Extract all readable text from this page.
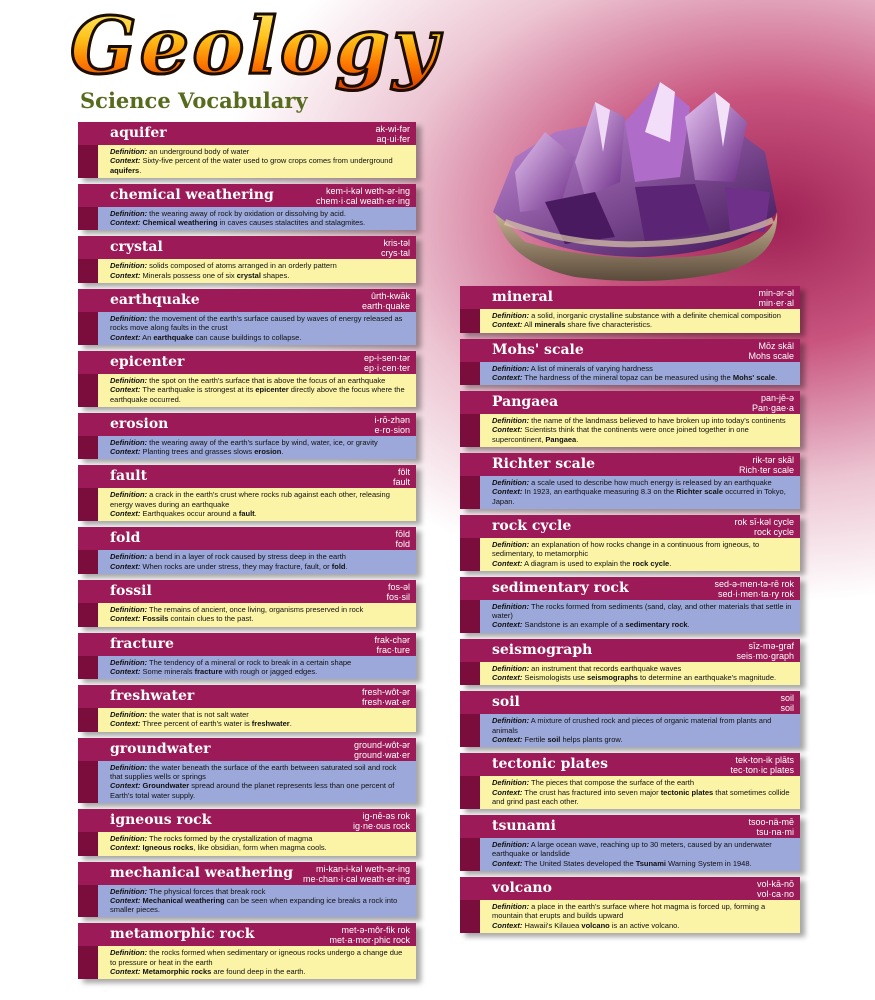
Geology
Science Vocabulary
aquifer	ak-wi-fər
aq·ui·fer
Definition: an underground body of water
Context: Sixty-five percent of the water used to grow crops comes from underground aquifers.
chemical weathering	kem-i-kəl weth-ər-ing
chem·i·cal weath·er·ing
Definition: the wearing away of rock by oxidation or dissolving by acid.
Context: Chemical weathering in caves causes stalactites and stalagmites.
crystal	kris-təl
crys·tal
Definition: solids composed of atoms arranged in an orderly pattern
Context: Minerals possess one of six crystal shapes.
earthquake	ûrth-kwāk
earth·quake
Definition: the movement of the earth's surface caused by waves of energy released as rocks move along faults in the crust
Context: An earthquake can cause buildings to collapse.
epicenter	ep-i-sen-tər
ep·i·cen·ter
Definition: the spot on the earth's surface that is above the focus of an earthquake
Context: The earthquake is strongest at its epicenter directly above the focus where the earthquake occurred.
erosion	i-rō-zhən
e·ro·sion
Definition: the wearing away of the earth's surface by wind, water, ice, or gravity
Context: Planting trees and grasses slows erosion.
fault	fôlt
fault
Definition: a crack in the earth's crust where rocks rub against each other, releasing energy waves during an earthquake
Context: Earthquakes occur around a fault.
fold	fōld
fold
Definition: a bend in a layer of rock caused by stress deep in the earth
Context: When rocks are under stress, they may fracture, fault, or fold.
fossil	fos-əl
fos·sil
Definition: The remains of ancient, once living, organisms preserved in rock
Context: Fossils contain clues to the past.
fracture	frak-chər
frac·ture
Definition: The tendency of a mineral or rock to break in a certain shape
Context: Some minerals fracture with rough or jagged edges.
freshwater	fresh-wôt-ər
fresh·wat·er
Definition: the water that is not salt water
Context: Three percent of earth's water is freshwater.
groundwater	ground-wôt-ər
ground·wat·er
Definition: the water beneath the surface of the earth between saturated soil and rock that supplies wells or springs
Context: Groundwater spread around the planet represents less than one percent of Earth's total water supply.
igneous rock	ig-nē-əs rok
ig·ne·ous rock
Definition: The rocks formed by the crystallization of magma
Context: Igneous rocks, like obsidian, form when magma cools.
mechanical weathering	mi-kan-i-kəl weth-ər-ing
me·chan·i·cal weath·er·ing
Definition: The physical forces that break rock
Context: Mechanical weathering can be seen when expanding ice breaks a rock into smaller pieces.
metamorphic rock	met-ə-môr-fik rok
met·a·mor·phic rock
Definition: the rocks formed when sedimentary or igneous rocks undergo a change due to pressure or heat in the earth
Context: Metamorphic rocks are found deep in the earth.
mineral	min-ər-əl
min·er·al
Definition: a solid, inorganic crystalline substance with a definite chemical composition
Context: All minerals share five characteristics.
Mohs' scale	Mōz skāl
Mohs scale
Definition: A list of minerals of varying hardness
Context: The hardness of the mineral topaz can be measured using the Mohs' scale.
Pangaea	pan-jē-ə
Pan·gae·a
Definition: the name of the landmass believed to have broken up into today's continents
Context: Scientists think that the continents were once joined together in one supercontinent, Pangaea.
Richter scale	rik-tər skāl
Rich·ter scale
Definition: a scale used to describe how much energy is released by an earthquake
Context: In 1923, an earthquake measuring 8.3 on the Richter scale occurred in Tokyo, Japan.
rock cycle	rok sī-kəl cycle
rock cycle
Definition: an explanation of how rocks change in a continuous from igneous, to sedimentary, to metamorphic
Context: A diagram is used to explain the rock cycle.
sedimentary rock	sed-ə-men-tə-rē rok
sed·i·men·ta·ry rok
Definition: The rocks formed from sediments (sand, clay, and other materials that settle in water)
Context: Sandstone is an example of a sedimentary rock.
seismograph	sīz-mə-graf
seis·mo·graph
Definition: an instrument that records earthquake waves
Context: Seismologists use seismographs to determine an earthquake's magnitude.
soil	soil
soil
Definition: A mixture of crushed rock and pieces of organic material from plants and animals
Context: Fertile soil helps plants grow.
tectonic plates	tek-ton-ik plāts
tec·ton·ic plates
Definition: The pieces that compose the surface of the earth
Context: The crust has fractured into seven major tectonic plates that sometimes collide and grind past each other.
tsunami	tsoo-nä-mē
tsu·na·mi
Definition: A large ocean wave, reaching up to 30 meters, caused by an underwater earthquake or landslide
Context: The United States developed the Tsunami Warning System in 1948.
volcano	vol-kā-nō
vol·ca·no
Definition: a place in the earth's surface where hot magma is forced up, forming a mountain that erupts and builds upward
Context: Hawaii's Kilauea volcano is an active volcano.
